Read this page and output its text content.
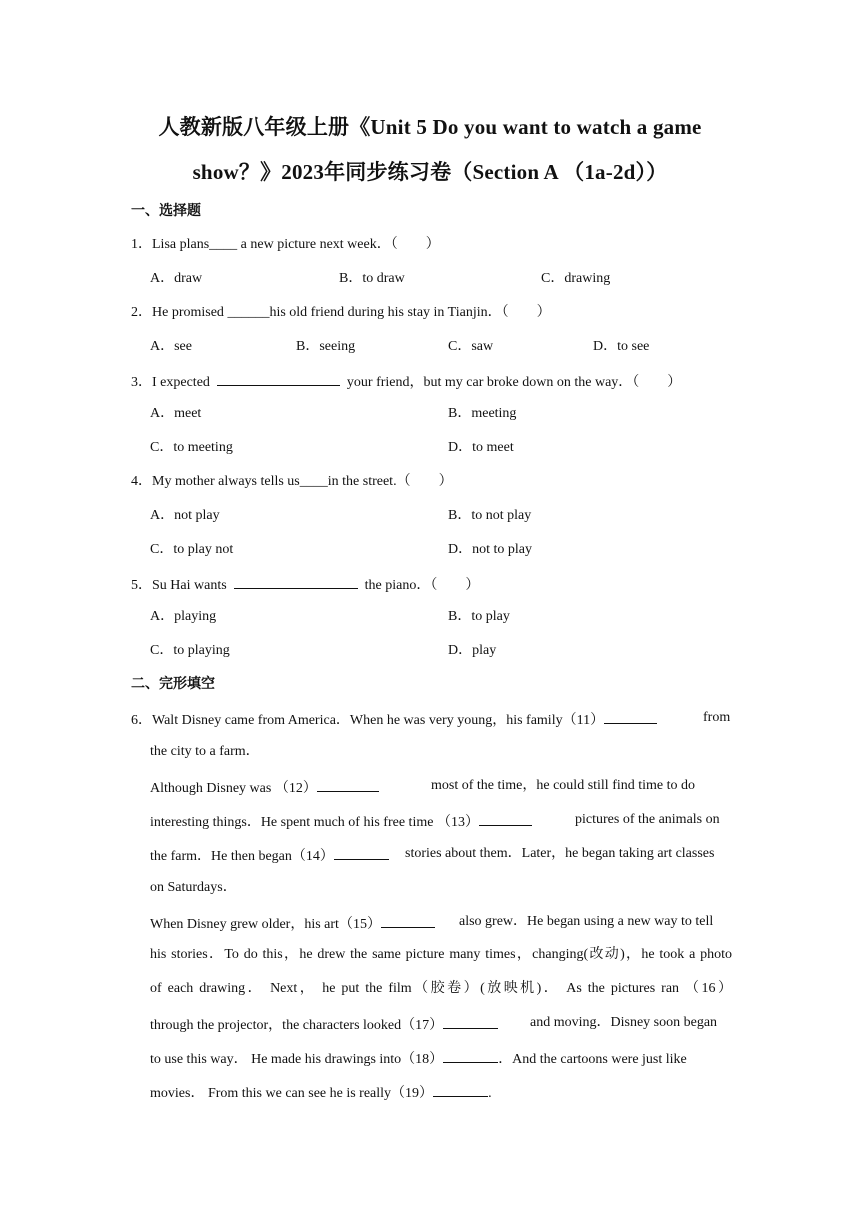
人教新版八年级上册《Unit 5 Do you want to watch a game
show？》2023年同步练习卷（Section A （1a-2d））
一、选择题
1．Lisa plans____ a new picture next week．（　　）
A．draw	B．to draw	C．drawing
2．He promised ______his old friend during his stay in Tianjin．（　　）
A．see	B．seeing	C．saw	D．to see
3．I expected	your friend，but my car broke down on the way．（　　）
A．meet	B．meeting
C．to meeting	D．to meet
4．My mother always tells us____in the street.（　　）
A．not play	B．to not play
C．to play not	D．not to play
5．Su Hai wants	the piano．（　　）
A．playing	B．to play
C．to playing	D．play
二、完形填空
6．Walt Disney came from America．When he was very young，his family（11）	from
the city to a farm．
Although Disney was （12）	most of the time，he could still find time to do
interesting things．He spent much of his free time （13）	pictures of the animals on
the farm．He then began（14）	stories about them．Later，he began taking art classes
on Saturdays．
When Disney grew older，his art（15）	also grew．He began using a new way to tell
his stories．To do this，he drew the same picture many times，changing(改动)，he took a photo
of each drawing． Next， he put the film（胶卷）(放映机)． As the pictures ran （16）
through the projector，the characters looked（17）	and moving．Disney soon began
to use this way． He made his drawings into（18）	．And the cartoons were just like
movies． From this we can see he is really（19）	.
